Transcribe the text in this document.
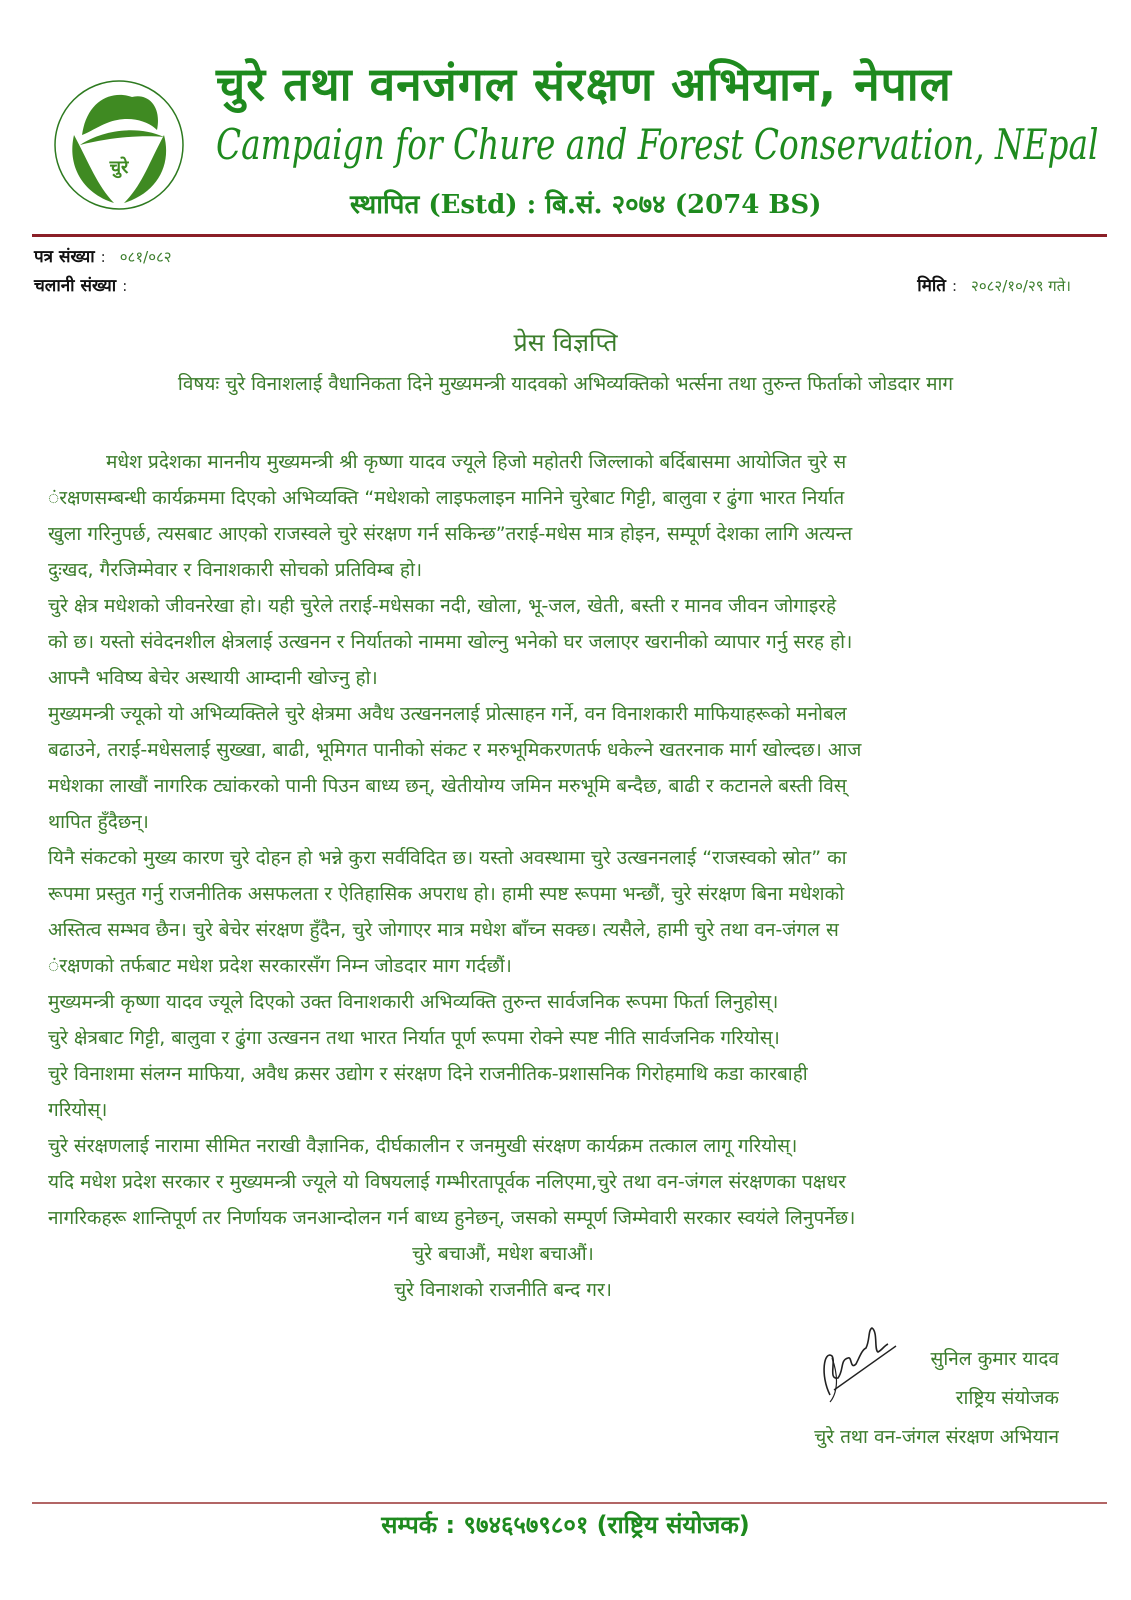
चुरे
चुरे तथा वनजंगल संरक्षण अभियान, नेपाल
Campaign for Chure and Forest Conservation, NEpal
स्थापित (Estd) : बि.सं. २०७४ (2074 BS)
पत्र संख्या : ०८१/०८२
चलानी संख्या :	मिति : २०८२/१०/२९ गते।
प्रेस विज्ञप्ति
विषयः चुरे विनाशलाई वैधानिकता दिने मुख्यमन्त्री यादवको अभिव्यक्तिको भर्त्सना तथा तुरुन्त फिर्ताको जोडदार माग
मधेश प्रदेशका माननीय मुख्यमन्त्री श्री कृष्णा यादव ज्यूले हिजो महोतरी जिल्लाको बर्दिबासमा आयोजित चुरे स
ंरक्षणसम्बन्धी कार्यक्रममा दिएको अभिव्यक्ति “मधेशको लाइफलाइन मानिने चुरेबाट गिट्टी, बालुवा र ढुंगा भारत निर्यात
खुला गरिनुपर्छ, त्यसबाट आएको राजस्वले चुरे संरक्षण गर्न सकिन्छ”तराई-मधेस मात्र होइन, सम्पूर्ण देशका लागि अत्यन्त
दुःखद, गैरजिम्मेवार र विनाशकारी सोचको प्रतिविम्ब हो।
चुरे क्षेत्र मधेशको जीवनरेखा हो। यही चुरेले तराई-मधेसका नदी, खोला, भू-जल, खेती, बस्ती र मानव जीवन जोगाइरहे
को छ। यस्तो संवेदनशील क्षेत्रलाई उत्खनन र निर्यातको नाममा खोल्नु भनेको घर जलाएर खरानीको व्यापार गर्नु सरह हो।
आफ्नै भविष्य बेचेर अस्थायी आम्दानी खोज्नु हो।
मुख्यमन्त्री ज्यूको यो अभिव्यक्तिले चुरे क्षेत्रमा अवैध उत्खननलाई प्रोत्साहन गर्ने, वन विनाशकारी माफियाहरूको मनोबल
बढाउने, तराई-मधेसलाई सुख्खा, बाढी, भूमिगत पानीको संकट र मरुभूमिकरणतर्फ धकेल्ने खतरनाक मार्ग खोल्दछ। आज
मधेशका लाखौं नागरिक ट्यांकरको पानी पिउन बाध्य छन्, खेतीयोग्य जमिन मरुभूमि बन्दैछ, बाढी र कटानले बस्ती विस्
थापित हुँदैछन्।
यिनै संकटको मुख्य कारण चुरे दोहन हो भन्ने कुरा सर्वविदित छ। यस्तो अवस्थामा चुरे उत्खननलाई “राजस्वको स्रोत” का
रूपमा प्रस्तुत गर्नु राजनीतिक असफलता र ऐतिहासिक अपराध हो। हामी स्पष्ट रूपमा भन्छौं, चुरे संरक्षण बिना मधेशको
अस्तित्व सम्भव छैन। चुरे बेचेर संरक्षण हुँदैन, चुरे जोगाएर मात्र मधेश बाँच्न सक्छ। त्यसैले, हामी चुरे तथा वन-जंगल स
ंरक्षणको तर्फबाट मधेश प्रदेश सरकारसँग निम्न जोडदार माग गर्दछौं।
मुख्यमन्त्री कृष्णा यादव ज्यूले दिएको उक्त विनाशकारी अभिव्यक्ति तुरुन्त सार्वजनिक रूपमा फिर्ता लिनुहोस्।
चुरे क्षेत्रबाट गिट्टी, बालुवा र ढुंगा उत्खनन तथा भारत निर्यात पूर्ण रूपमा रोक्ने स्पष्ट नीति सार्वजनिक गरियोस्।
चुरे विनाशमा संलग्न माफिया, अवैध क्रसर उद्योग र संरक्षण दिने राजनीतिक-प्रशासनिक गिरोहमाथि कडा कारबाही
गरियोस्।
चुरे संरक्षणलाई नारामा सीमित नराखी वैज्ञानिक, दीर्घकालीन र जनमुखी संरक्षण कार्यक्रम तत्काल लागू गरियोस्।
यदि मधेश प्रदेश सरकार र मुख्यमन्त्री ज्यूले यो विषयलाई गम्भीरतापूर्वक नलिएमा,चुरे तथा वन-जंगल संरक्षणका पक्षधर
नागरिकहरू शान्तिपूर्ण तर निर्णायक जनआन्दोलन गर्न बाध्य हुनेछन्, जसको सम्पूर्ण जिम्मेवारी सरकार स्वयंले लिनुपर्नेछ।
चुरे बचाऔं, मधेश बचाऔं।
चुरे विनाशको राजनीति बन्द गर।
सुनिल कुमार यादव
राष्ट्रिय संयोजक
चुरे तथा वन-जंगल संरक्षण अभियान
सम्पर्क : ९७४६५७९८०१ (राष्ट्रिय संयोजक)
